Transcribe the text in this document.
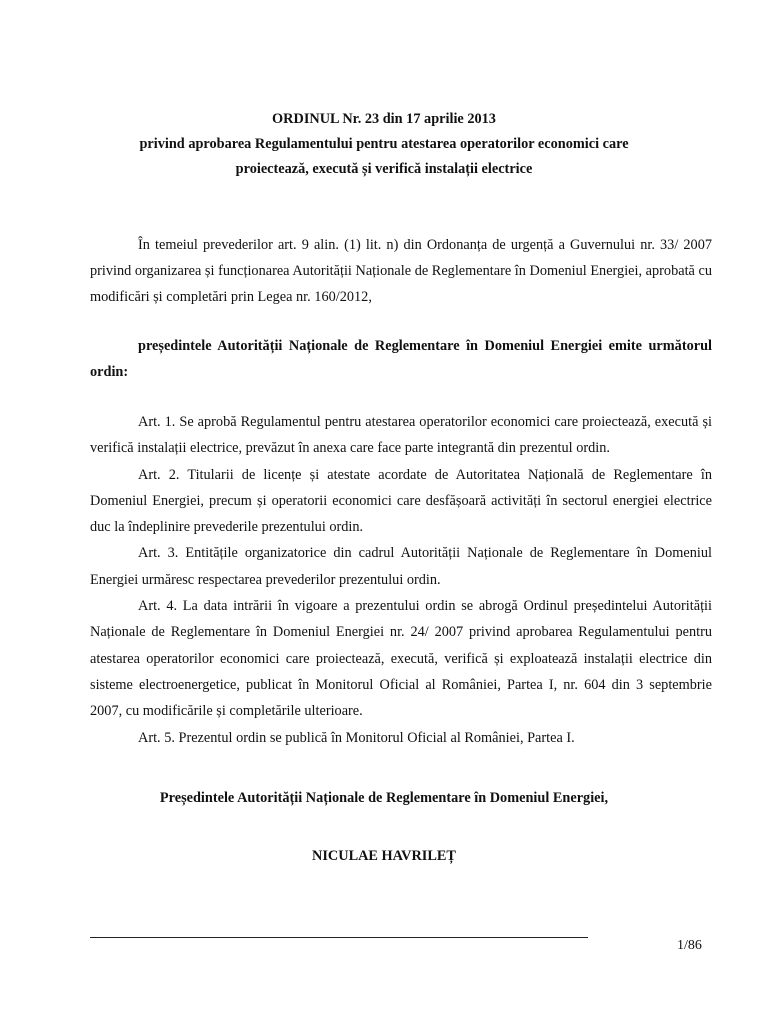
ORDINUL Nr. 23 din 17 aprilie 2013
privind aprobarea Regulamentului pentru atestarea operatorilor economici care
proiectează, execută și verifică instalații electrice

În temeiul prevederilor art. 9 alin. (1) lit. n) din Ordonanța de urgență a Guvernului nr. 33/ 2007 privind organizarea și funcționarea Autorității Naționale de Reglementare în Domeniul Energiei, aprobată cu modificări și completări prin Legea nr. 160/2012,

președintele Autorității Naționale de Reglementare în Domeniul Energiei emite următorul ordin:

Art. 1. Se aprobă Regulamentul pentru atestarea operatorilor economici care proiectează, execută și verifică instalații electrice, prevăzut în anexa care face parte integrantă din prezentul ordin.

Art. 2. Titularii de licențe și atestate acordate de Autoritatea Națională de Reglementare în Domeniul Energiei, precum și operatorii economici care desfășoară activități în sectorul energiei electrice duc la îndeplinire prevederile prezentului ordin.

Art. 3. Entitățile organizatorice din cadrul Autorității Naționale de Reglementare în Domeniul Energiei urmăresc respectarea prevederilor prezentului ordin.

Art. 4. La data intrării în vigoare a prezentului ordin se abrogă Ordinul președintelui Autorității Naționale de Reglementare în Domeniul Energiei nr. 24/ 2007 privind aprobarea Regulamentului pentru atestarea operatorilor economici care proiectează, execută, verifică și exploatează instalații electrice din sisteme electroenergetice, publicat în Monitorul Oficial al României, Partea I, nr. 604 din 3 septembrie 2007, cu modificările și completările ulterioare.

Art. 5. Prezentul ordin se publică în Monitorul Oficial al României, Partea I.

Președintele Autorității Naționale de Reglementare în Domeniul Energiei,
NICULAE HAVRILEȚ
1/86
